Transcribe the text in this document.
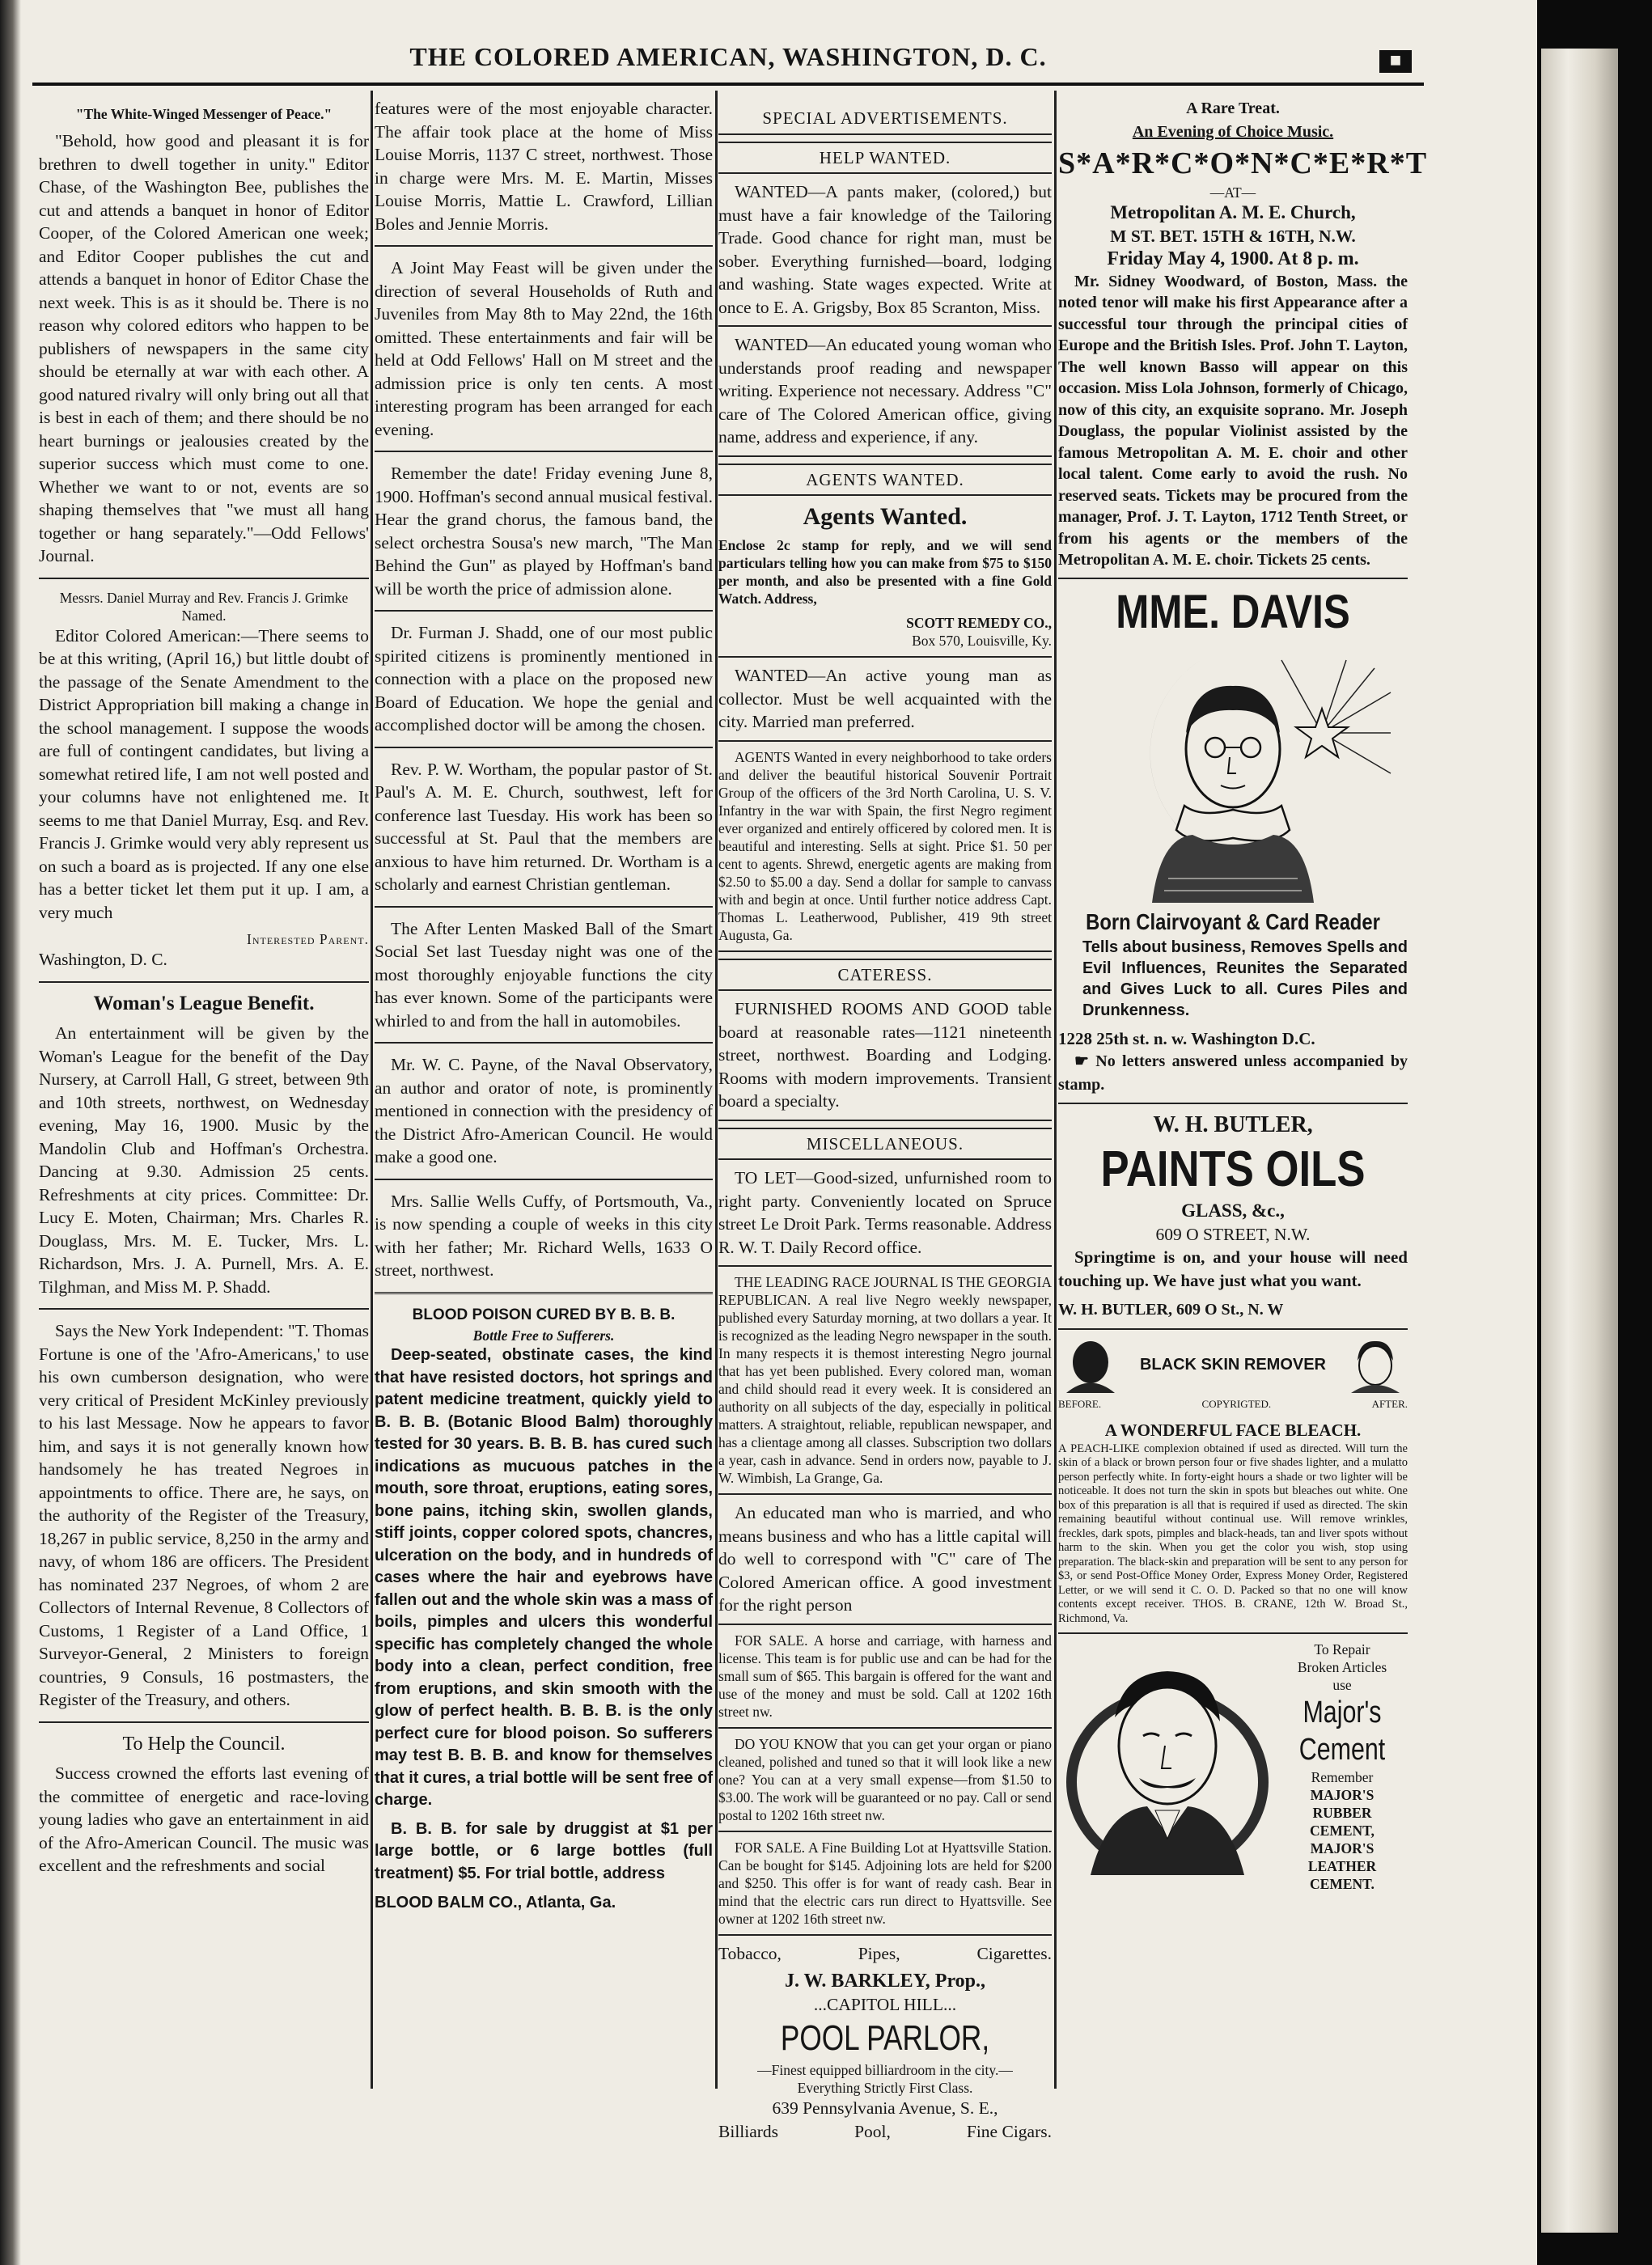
THE COLORED AMERICAN, WASHINGTON, D. C.	■
"The White-Winged Messenger of Peace."

"Behold, how good and pleasant it is for brethren to dwell together in unity." Editor Chase, of the Washington Bee, publishes the cut and attends a banquet in honor of Editor Cooper, of the Colored American one week; and Editor Cooper publishes the cut and attends a banquet in honor of Editor Chase the next week. This is as it should be. There is no reason why colored editors who happen to be publishers of newspapers in the same city should be eternally at war with each other. A good natured rivalry will only bring out all that is best in each of them; and there should be no heart burnings or jealousies created by the superior success which must come to one. Whether we want to or not, events are so shaping themselves that "we must all hang together or hang separately."—Odd Fellows' Journal.

Messrs. Daniel Murray and Rev. Francis J. Grimke Named.

Editor Colored American:—There seems to be at this writing, (April 16,) but little doubt of the passage of the Senate Amendment to the District Appropriation bill making a change in the school management. I suppose the woods are full of contingent candidates, but living a somewhat retired life, I am not well posted and your columns have not enlightened me. It seems to me that Daniel Murray, Esq. and Rev. Francis J. Grimke would very ably represent us on such a board as is projected. If any one else has a better ticket let them put it up. I am, a very much

Interested Parent.

Washington, D. C.

Woman's League Benefit.

An entertainment will be given by the Woman's League for the benefit of the Day Nursery, at Carroll Hall, G street, between 9th and 10th streets, northwest, on Wednesday evening, May 16, 1900. Music by the Mandolin Club and Hoffman's Orchestra. Dancing at 9.30. Admission 25 cents. Refreshments at city prices. Committee: Dr. Lucy E. Moten, Chairman; Mrs. Charles R. Douglass, Mrs. M. E. Tucker, Mrs. L. Richardson, Mrs. J. A. Purnell, Mrs. A. E. Tilghman, and Miss M. P. Shadd.

Says the New York Independent: "T. Thomas Fortune is one of the 'Afro-Americans,' to use his own cumberson designation, who were very critical of President McKinley previously to his last Message. Now he appears to favor him, and says it is not generally known how handsomely he has treated Negroes in appointments to office. There are, he says, on the authority of the Register of the Treasury, 18,267 in public service, 8,250 in the army and navy, of whom 186 are officers. The President has nominated 237 Negroes, of whom 2 are Collectors of Internal Revenue, 8 Collectors of Customs, 1 Register of a Land Office, 1 Surveyor-General, 2 Ministers to foreign countries, 9 Consuls, 16 postmasters, the Register of the Treasury, and others.

To Help the Council.

Success crowned the efforts last evening of the committee of energetic and race-loving young ladies who gave an entertainment in aid of the Afro-American Council. The music was excellent and the refreshments and social

features were of the most enjoyable character. The affair took place at the home of Miss Louise Morris, 1137 C street, northwest. Those in charge were Mrs. M. E. Martin, Misses Louise Morris, Mattie L. Crawford, Lillian Boles and Jennie Morris.

A Joint May Feast will be given under the direction of several Households of Ruth and Juveniles from May 8th to May 22nd, the 16th omitted. These entertainments and fair will be held at Odd Fellows' Hall on M street and the admission price is only ten cents. A most interesting program has been arranged for each evening.

Remember the date! Friday evening June 8, 1900. Hoffman's second annual musical festival. Hear the grand chorus, the famous band, the select orchestra Sousa's new march, "The Man Behind the Gun" as played by Hoffman's band will be worth the price of admission alone.

Dr. Furman J. Shadd, one of our most public spirited citizens is prominently mentioned in connection with a place on the proposed new Board of Education. We hope the genial and accomplished doctor will be among the chosen.

Rev. P. W. Wortham, the popular pastor of St. Paul's A. M. E. Church, southwest, left for conference last Tuesday. His work has been so successful at St. Paul that the members are anxious to have him returned. Dr. Wortham is a scholarly and earnest Christian gentleman.

The After Lenten Masked Ball of the Smart Social Set last Tuesday night was one of the most thoroughly enjoyable functions the city has ever known. Some of the participants were whirled to and from the hall in automobiles.

Mr. W. C. Payne, of the Naval Observatory, an author and orator of note, is prominently mentioned in connection with the presidency of the District Afro-American Council. He would make a good one.

Mrs. Sallie Wells Cuffy, of Portsmouth, Va., is now spending a couple of weeks in this city with her father; Mr. Richard Wells, 1633 O street, northwest.

BLOOD POISON CURED BY B. B. B.
Bottle Free to Sufferers.

Deep-seated, obstinate cases, the kind that have resisted doctors, hot springs and patent medicine treatment, quickly yield to B. B. B. (Botanic Blood Balm) thoroughly tested for 30 years. B. B. B. has cured such indications as mucuous patches in the mouth, sore throat, eruptions, eating sores, bone pains, itching skin, swollen glands, stiff joints, copper colored spots, chancres, ulceration on the body, and in hundreds of cases where the hair and eyebrows have fallen out and the whole skin was a mass of boils, pimples and ulcers this wonderful specific has completely changed the whole body into a clean, perfect condition, free from eruptions, and skin smooth with the glow of perfect health. B. B. B. is the only perfect cure for blood poison. So sufferers may test B. B. B. and know for themselves that it cures, a trial bottle will be sent free of charge.

B. B. B. for sale by druggist at $1 per large bottle, or 6 large bottles (full treatment) $5. For trial bottle, address

BLOOD BALM CO., Atlanta, Ga.

SPECIAL ADVERTISEMENTS.
HELP WANTED.

WANTED—A pants maker, (colored,) but must have a fair knowledge of the Tailoring Trade. Good chance for right man, must be sober. Everything furnished—board, lodging and washing. State wages expected. Write at once to E. A. Grigsby, Box 85 Scranton, Miss.

WANTED—An educated young woman who understands proof reading and newspaper writing. Experience not necessary. Address "C" care of The Colored American office, giving name, address and experience, if any.

AGENTS WANTED.
Agents Wanted.

Enclose 2c stamp for reply, and we will send particulars telling how you can make from $75 to $150 per month, and also be presented with a fine Gold Watch. Address,

SCOTT REMEDY CO.,
Box 570, Louisville, Ky.

WANTED—An active young man as collector. Must be well acquainted with the city. Married man preferred.

AGENTS Wanted in every neighborhood to take orders and deliver the beautiful historical Souvenir Portrait Group of the officers of the 3rd North Carolina, U. S. V. Infantry in the war with Spain, the first Negro regiment ever organized and entirely officered by colored men. It is beautiful and interesting. Sells at sight. Price $1. 50 per cent to agents. Shrewd, energetic agents are making from $2.50 to $5.00 a day. Send a dollar for sample to canvass with and begin at once. Until further notice address Capt. Thomas L. Leatherwood, Publisher, 419 9th street Augusta, Ga.

CATERESS.

FURNISHED ROOMS AND GOOD table board at reasonable rates—1121 nineteenth street, northwest. Boarding and Lodging. Rooms with modern improvements. Transient board a specialty.

MISCELLANEOUS.

TO LET—Good-sized, unfurnished room to right party. Conveniently located on Spruce street Le Droit Park. Terms reasonable. Address R. W. T. Daily Record office.

THE LEADING RACE JOURNAL IS THE GEORGIA REPUBLICAN. A real live Negro weekly newspaper, published every Saturday morning, at two dollars a year. It is recognized as the leading Negro newspaper in the south. In many respects it is themost interesting Negro journal that has yet been published. Every colored man, woman and child should read it every week. It is considered an authority on all subjects of the day, especially in political matters. A straightout, reliable, republican newspaper, and has a clientage among all classes. Subscription two dollars a year, cash in advance. Send in orders now, payable to J. W. Wimbish, La Grange, Ga.

An educated man who is married, and who means business and who has a little capital will do well to correspond with "C" care of The Colored American office. A good investment for the right person

FOR SALE. A horse and carriage, with harness and license. This team is for public use and can be had for the small sum of $65. This bargain is offered for the want and use of the money and must be sold. Call at 1202 16th street nw.

DO YOU KNOW that you can get your organ or piano cleaned, polished and tuned so that it will look like a new one? You can at a very small expense—from $1.50 to $3.00. The work will be guaranteed or no pay. Call or send postal to 1202 16th street nw.

FOR SALE. A Fine Building Lot at Hyattsville Station. Can be bought for $145. Adjoining lots are held for $200 and $250. This offer is for want of ready cash. Bear in mind that the electric cars run direct to Hyattsville. See owner at 1202 16th street nw.

Tobacco,	Pipes,	Cigarettes.
J. W. BARKLEY, Prop.,
...CAPITOL HILL...
POOL PARLOR,
—Finest equipped billiardroom in the city.—
Everything Strictly First Class.
639 Pennsylvania Avenue, S. E.,
Billiards	Pool,	Fine Cigars.
A Rare Treat.
An Evening of Choice Music.
S*A*R*C*O*N*C*E*R*T
—AT—
Metropolitan A. M. E. Church,
M ST. BET. 15TH & 16TH, N.W.
Friday May 4, 1900. At 8 p. m.

Mr. Sidney Woodward, of Boston, Mass. the noted tenor will make his first Appearance after a successful tour through the principal cities of Europe and the British Isles. Prof. John T. Layton, The well known Basso will appear on this occasion. Miss Lola Johnson, formerly of Chicago, now of this city, an exquisite soprano. Mr. Joseph Douglass, the popular Violinist assisted by the famous Metropolitan A. M. E. choir and other local talent. Come early to avoid the rush. No reserved seats. Tickets may be procured from the manager, Prof. J. T. Layton, 1712 Tenth Street, or from his agents or the members of the Metropolitan A. M. E. choir. Tickets 25 cents.

MME. DAVIS
Born Clairvoyant & Card Reader

Tells about business, Removes Spells and Evil Influences, Reunites the Separated and Gives Luck to all. Cures Piles and Drunkenness.

1228 25th st. n. w. Washington D.C.

☛ No letters answered unless accompanied by stamp.

W. H. BUTLER,
PAINTS OILS
GLASS, &c.,
609 O STREET, N.W.

Springtime is on, and your house will need touching up. We have just what you want.

W. H. BUTLER, 609 O St., N. W
BLACK SKIN REMOVER
BEFORE.	COPYRIGTED.	AFTER.
A WONDERFUL FACE BLEACH.

A PEACH-LIKE complexion obtained if used as directed. Will turn the skin of a black or brown person four or five shades lighter, and a mulatto person perfectly white. In forty-eight hours a shade or two lighter will be noticeable. It does not turn the skin in spots but bleaches out white. One box of this preparation is all that is required if used as directed. The skin remaining beautiful without continual use. Will remove wrinkles, freckles, dark spots, pimples and black-heads, tan and liver spots without harm to the skin. When you get the color you wish, stop using preparation. The black-skin and preparation will be sent to any person for $3, or send Post-Office Money Order, Express Money Order, Registered Letter, or we will send it C. O. D. Packed so that no one will know contents except receiver. THOS. B. CRANE, 12th W. Broad St., Richmond, Va.

To Repair
Broken Articles
use
Major's
Cement
Remember
MAJOR'S
RUBBER
CEMENT,
MAJOR'S
LEATHER
CEMENT.
